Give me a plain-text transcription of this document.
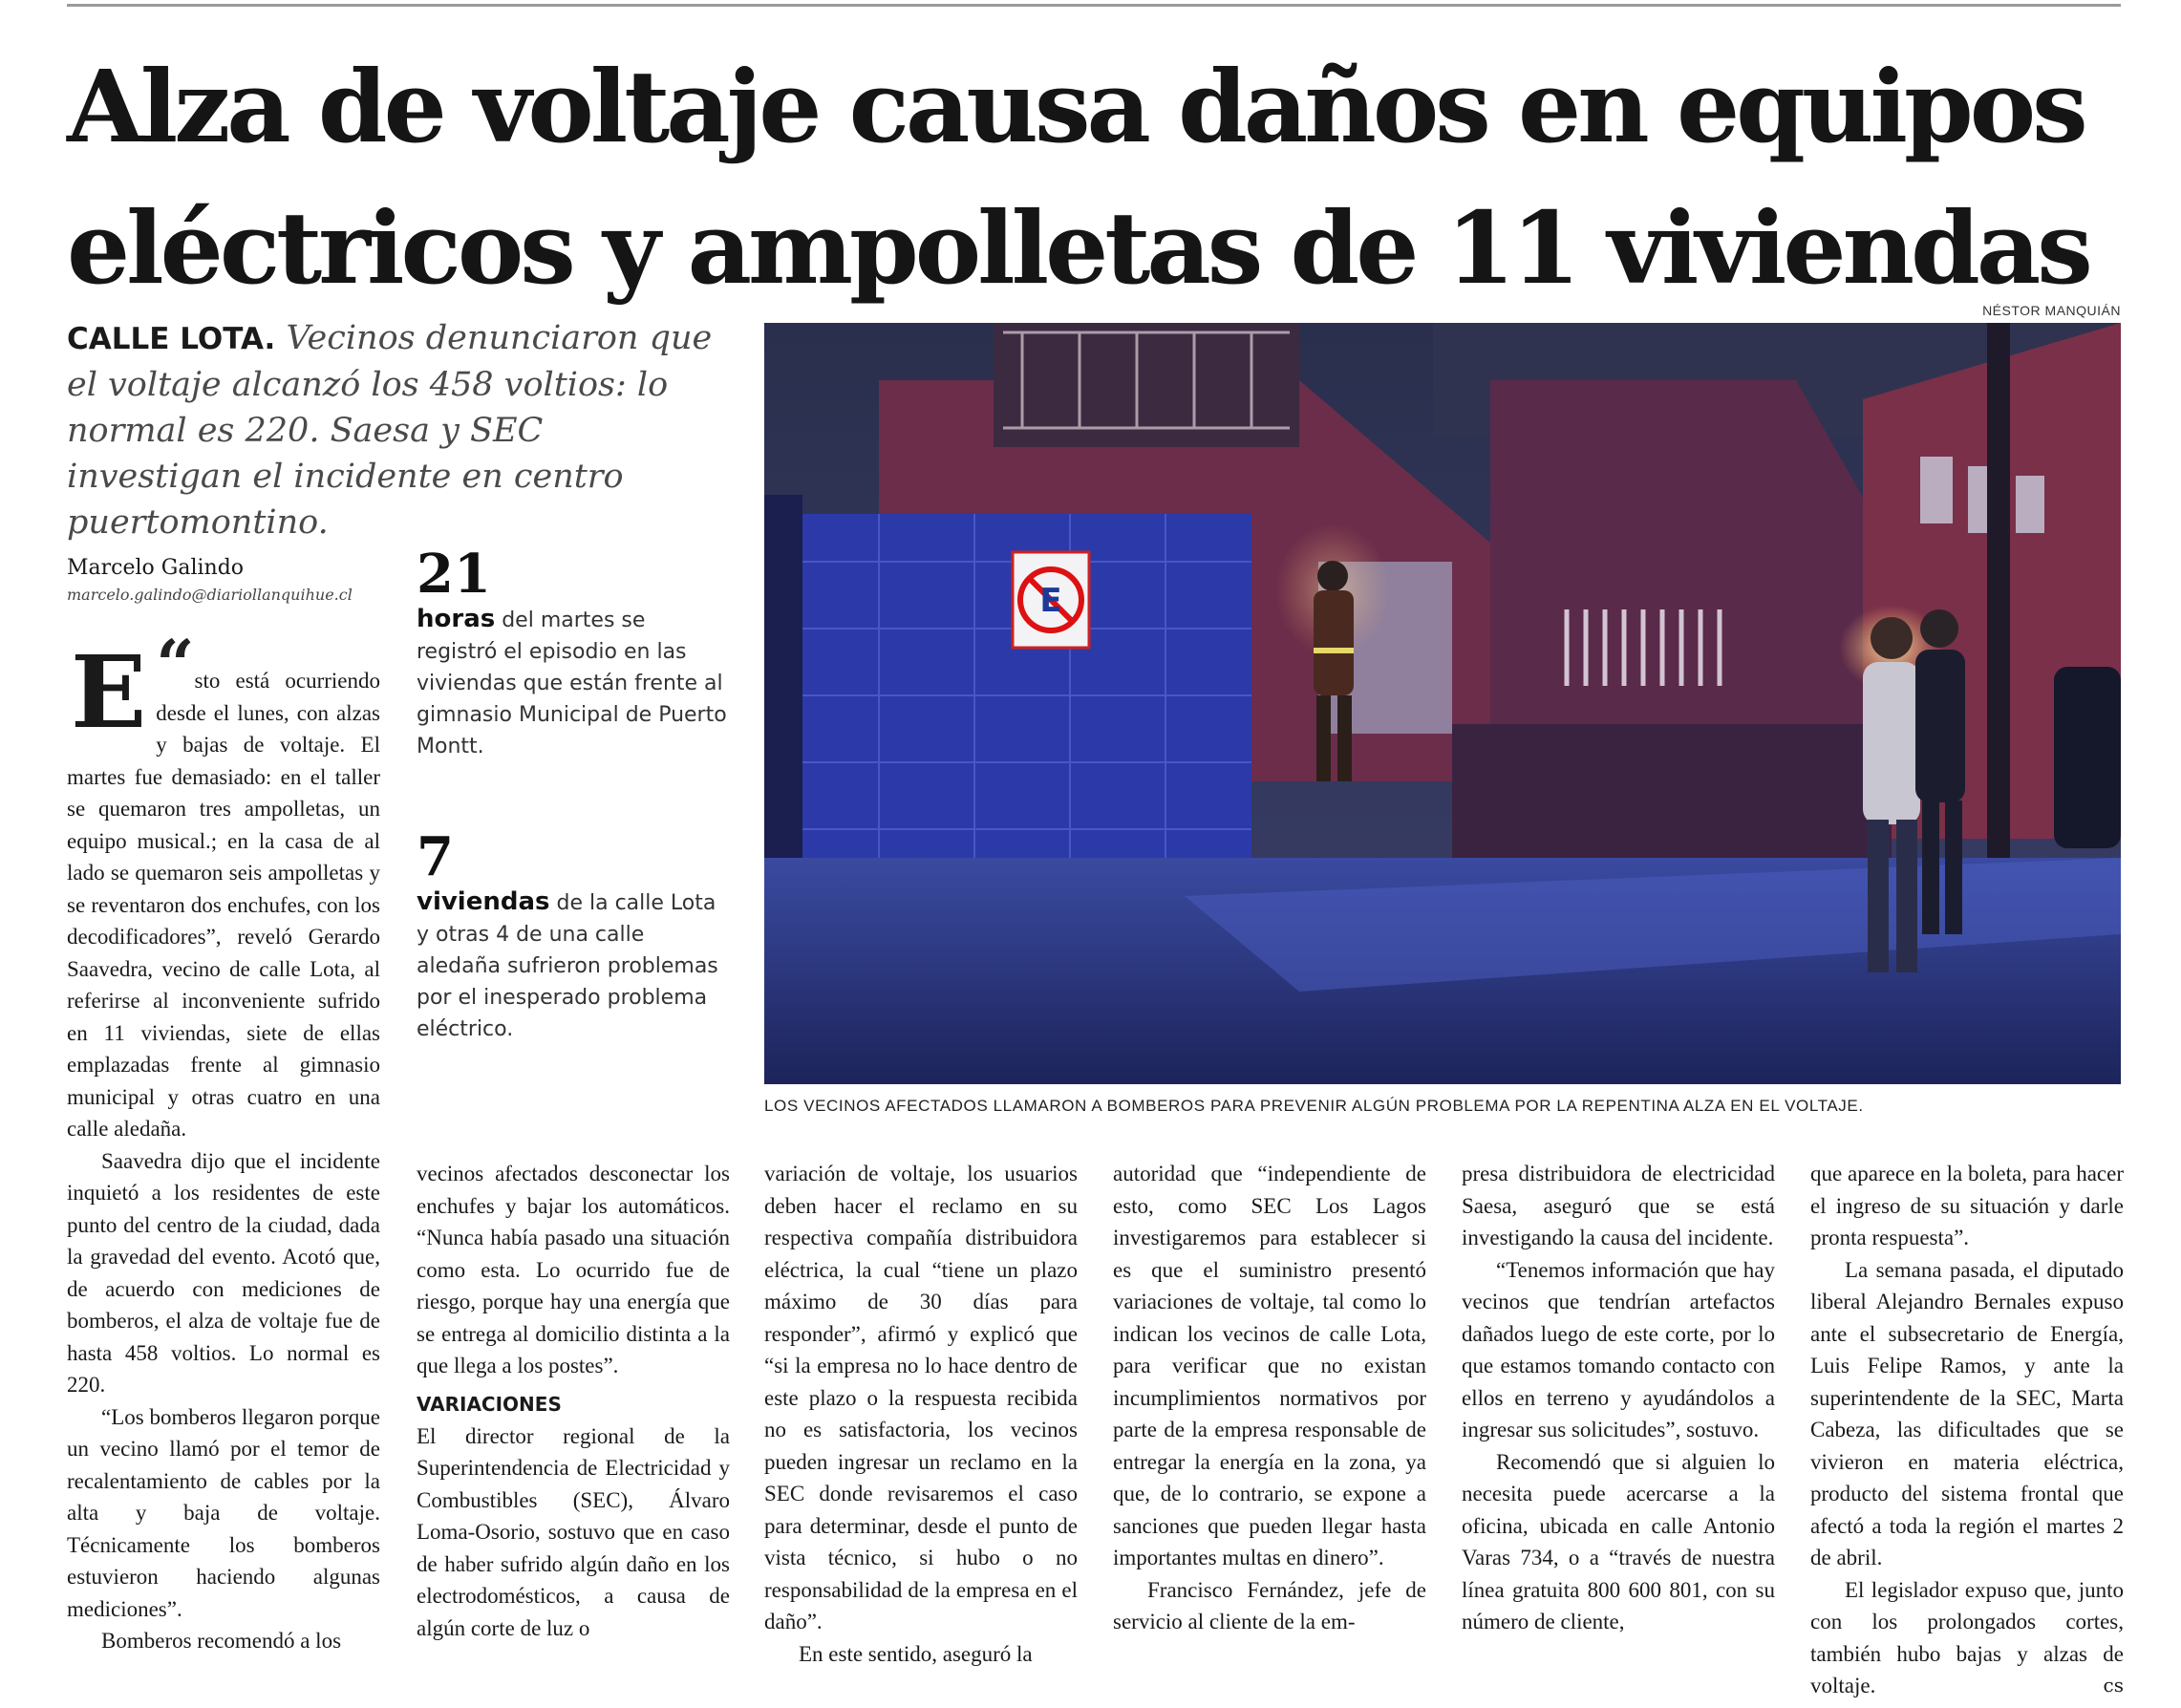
Alza de voltaje causa daños en equipos eléctricos y ampolletas de 11 viviendas
NÉSTOR MANQUIÁN

CALLE LOTA. Vecinos denunciaron que el voltaje alcanzó los 458 voltios: lo normal es 220. Saesa y SEC investigan el incidente en centro puertomontino.

Marcelo Galindo
marcelo.galindo@diariollanquihue.cl 21
horas del martes se registró el episodio en las viviendas que están frente al gimnasio Municipal de Puerto Montt.
7
viviendas de la calle Lota y otras 4 de una calle aledaña sufrieron problemas por el inesperado problema eléctrico.
E
LOS VECINOS AFECTADOS LLAMARON A BOMBEROS PARA PREVENIR ALGÚN PROBLEMA POR LA REPENTINA ALZA EN EL VOLTAJE.

“
E sto está ocurriendo desde el lunes, con alzas y bajas de voltaje. El martes fue demasiado: en el taller se quemaron tres ampolletas, un equipo musical.; en la casa de al lado se quemaron seis ampolletas y se reventaron dos enchufes, con los decodificadores”, reveló Gerardo Saavedra, vecino de calle Lota, al referirse al inconveniente sufrido en 11 viviendas, siete de ellas emplazadas frente al gimnasio municipal y otras cuatro en una calle aledaña.

Saavedra dijo que el incidente inquietó a los residentes de este punto del centro de la ciudad, dada la gravedad del evento. Acotó que, de acuerdo con mediciones de bomberos, el alza de voltaje fue de hasta 458 voltios. Lo normal es 220.

“Los bomberos llegaron porque un vecino llamó por el temor de recalentamiento de cables por la alta y baja de voltaje. Técnicamente los bomberos estuvieron haciendo algunas mediciones”.

Bomberos recomendó a los

vecinos afectados desconectar los enchufes y bajar los automáticos. “Nunca había pasado una situación como esta. Lo ocurrido fue de riesgo, porque hay una energía que se entrega al domicilio distinta a la que llega a los postes”.

VARIACIONES

El director regional de la Superintendencia de Electricidad y Combustibles (SEC), Álvaro Loma-Osorio, sostuvo que en caso de haber sufrido algún daño en los electrodomésticos, a causa de algún corte de luz o

variación de voltaje, los usuarios deben hacer el reclamo en su respectiva compañía distribuidora eléctrica, la cual “tiene un plazo máximo de 30 días para responder”, afirmó y explicó que “si la empresa no lo hace dentro de este plazo o la respuesta recibida no es satisfactoria, los vecinos pueden ingresar un reclamo en la SEC donde revisaremos el caso para determinar, desde el punto de vista técnico, si hubo o no responsabilidad de la empresa en el daño”.

En este sentido, aseguró la

autoridad que “independiente de esto, como SEC Los Lagos investigaremos para establecer si es que el suministro presentó variaciones de voltaje, tal como lo indican los vecinos de calle Lota, para verificar que no existan incumplimientos normativos por parte de la empresa responsable de entregar la energía en la zona, ya que, de lo contrario, se expone a sanciones que pueden llegar hasta importantes multas en dinero”.

Francisco Fernández, jefe de servicio al cliente de la em-

presa distribuidora de electricidad Saesa, aseguró que se está investigando la causa del incidente.

“Tenemos información que hay vecinos que tendrían artefactos dañados luego de este corte, por lo que estamos tomando contacto con ellos en terreno y ayudándolos a ingresar sus solicitudes”, sostuvo.

Recomendó que si alguien lo necesita puede acercarse a la oficina, ubicada en calle Antonio Varas 734, o a “través de nuestra línea gratuita 800 600 801, con su número de cliente,

que aparece en la boleta, para hacer el ingreso de su situación y darle pronta respuesta”.

La semana pasada, el diputado liberal Alejandro Bernales expuso ante el subsecretario de Energía, Luis Felipe Ramos, y ante la superintendente de la SEC, Marta Cabeza, las dificultades que se vivieron en materia eléctrica, producto del sistema frontal que afectó a toda la región el martes 2 de abril.

El legislador expuso que, junto con los prolongados cortes, también hubo bajas y alzas de voltaje.	cs
